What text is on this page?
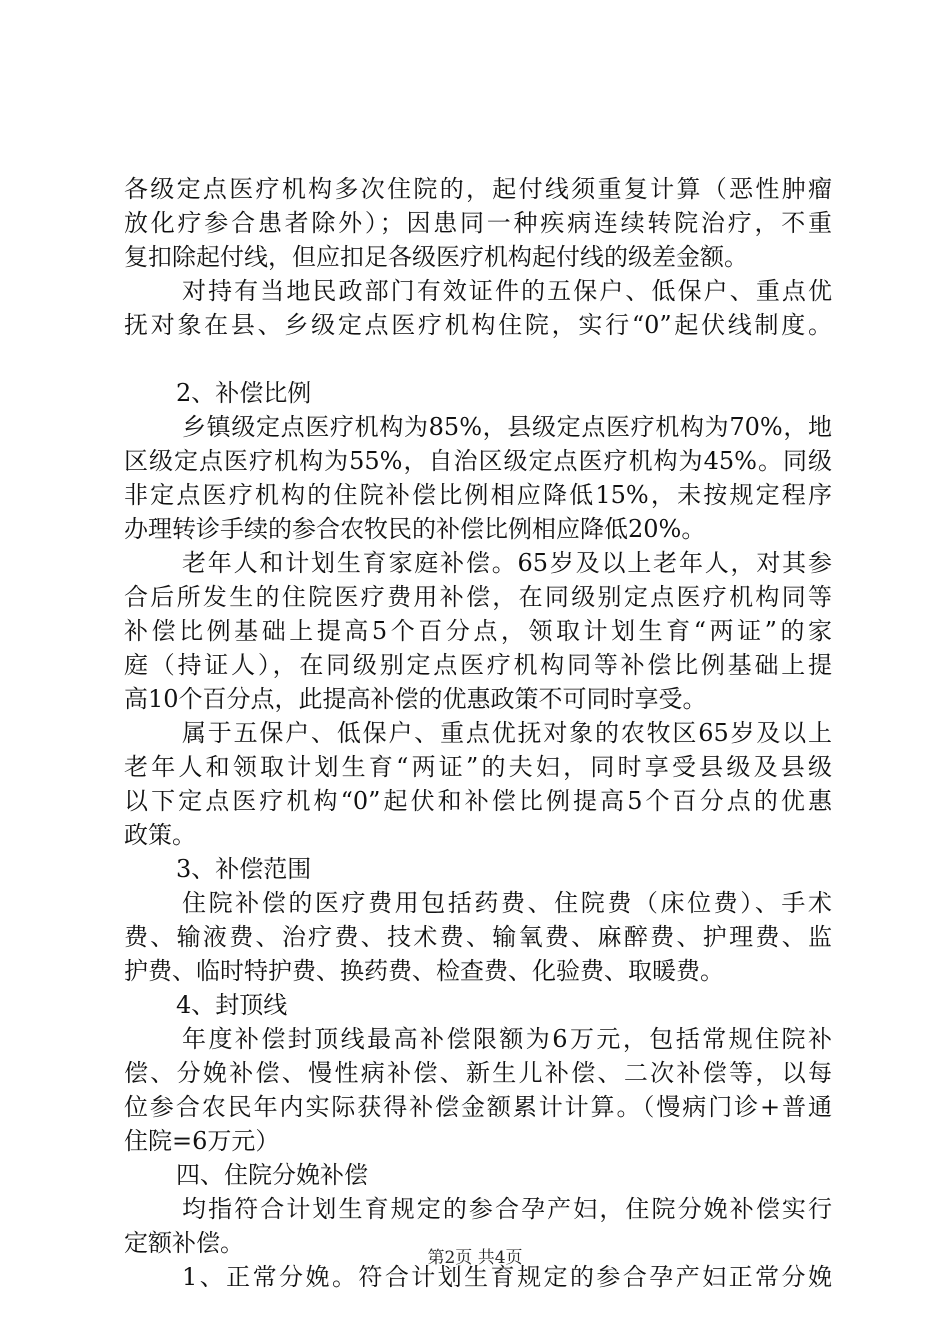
各级定点医疗机构多次住院的，起付线须重复计算（恶性肿瘤
放化疗参合患者除外）；因患同一种疾病连续转院治疗，不重
复扣除起付线，但应扣足各级医疗机构起付线的级差金额。
对持有当地民政部门有效证件的五保户、低保户、重点优
抚对象在县、乡级定点医疗机构住院，实行“0”起伏线制度。
2、补偿比例
乡镇级定点医疗机构为85%，县级定点医疗机构为70%，地
区级定点医疗机构为55%，自治区级定点医疗机构为45%。同级
非定点医疗机构的住院补偿比例相应降低15%，未按规定程序
办理转诊手续的参合农牧民的补偿比例相应降低20%。
老年人和计划生育家庭补偿。65岁及以上老年人，对其参
合后所发生的住院医疗费用补偿，在同级别定点医疗机构同等
补偿比例基础上提高5个百分点，领取计划生育“两证”的家
庭（持证人），在同级别定点医疗机构同等补偿比例基础上提
高10个百分点，此提高补偿的优惠政策不可同时享受。
属于五保户、低保户、重点优抚对象的农牧区65岁及以上
老年人和领取计划生育“两证”的夫妇，同时享受县级及县级
以下定点医疗机构“0”起伏和补偿比例提高5个百分点的优惠
政策。
3、补偿范围
住院补偿的医疗费用包括药费、住院费（床位费）、手术
费、输液费、治疗费、技术费、输氧费、麻醉费、护理费、监
护费、临时特护费、换药费、检查费、化验费、取暖费。
4、封顶线
年度补偿封顶线最高补偿限额为6万元，包括常规住院补
偿、分娩补偿、慢性病补偿、新生儿补偿、二次补偿等，以每
位参合农民年内实际获得补偿金额累计计算。（慢病门诊+普通
住院=6万元）
四、住院分娩补偿
均指符合计划生育规定的参合孕产妇，住院分娩补偿实行
定额补偿。
1、正常分娩。符合计划生育规定的参合孕产妇正常分娩
第2页 共4页
